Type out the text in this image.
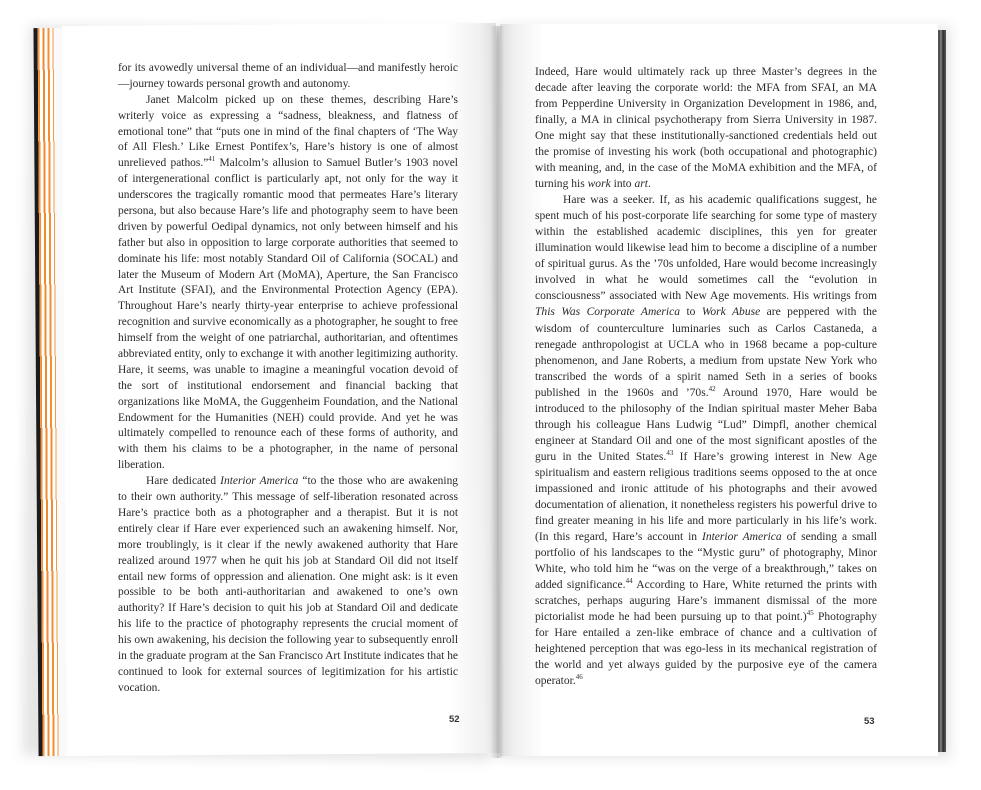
for its avowedly universal theme of an individual—and manifestly heroic—journey towards personal growth and autonomy.

Janet Malcolm picked up on these themes, describing Hare’s writerly voice as expressing a “sadness, bleakness, and flatness of emotional tone” that “puts one in mind of the final chapters of ‘The Way of All Flesh.’ Like Ernest Pontifex’s, Hare’s history is one of almost unrelieved pathos.”$^{41}$ Malcolm’s allusion to Samuel Butler’s 1903 novel of intergenerational conflict is particularly apt, not only for the way it underscores the tragically romantic mood that permeates Hare’s literary persona, but also because Hare’s life and photography seem to have been driven by powerful Oedipal dynamics, not only between himself and his father but also in opposition to large corporate authorities that seemed to dominate his life: most notably Standard Oil of California (SOCAL) and later the Museum of Modern Art (MoMA), Aperture, the San Francisco Art Institute (SFAI), and the Environmental Protection Agency (EPA). Throughout Hare’s nearly thirty-year enterprise to achieve professional recognition and survive economically as a photographer, he sought to free himself from the weight of one patriarchal, authoritarian, and oftentimes abbreviated entity, only to exchange it with another legitimizing authority. Hare, it seems, was unable to imagine a meaningful vocation devoid of the sort of institutional endorsement and financial backing that organizations like MoMA, the Guggenheim Foundation, and the National Endowment for the Humanities (NEH) could provide. And yet he was ultimately compelled to renounce each of these forms of authority, and with them his claims to be a photographer, in the name of personal liberation.

Hare dedicated Interior America “to the those who are awakening to their own authority.” This message of self-liberation resonated across Hare’s practice both as a photographer and a therapist. But it is not entirely clear if Hare ever experienced such an awakening himself. Nor, more troublingly, is it clear if the newly awakened authority that Hare realized around 1977 when he quit his job at Standard Oil did not itself entail new forms of oppression and alienation. One might ask: is it even possible to be both anti-authoritarian and awakened to one’s own authority? If Hare’s decision to quit his job at Standard Oil and dedicate his life to the practice of photography represents the crucial moment of his own awakening, his decision the following year to subsequently enroll in the graduate program at the San Francisco Art Institute indicates that he continued to look for external sources of legitimization for his artistic vocation.

Indeed, Hare would ultimately rack up three Master’s degrees in the decade after leaving the corporate world: the MFA from SFAI, an MA from Pepperdine University in Organization Development in 1986, and, finally, a MA in clinical psychotherapy from Sierra University in 1987. One might say that these institutionally-sanctioned credentials held out the promise of investing his work (both occupational and photographic) with meaning, and, in the case of the MoMA exhibition and the MFA, of turning his work into art.

Hare was a seeker. If, as his academic qualifications suggest, he spent much of his post-corporate life searching for some type of mastery within the established academic disciplines, this yen for greater illumination would likewise lead him to become a discipline of a number of spiritual gurus. As the ’70s unfolded, Hare would become increasingly involved in what he would sometimes call the “evolution in consciousness” associated with New Age movements. His writings from This Was Corporate America to Work Abuse are peppered with the wisdom of counterculture luminaries such as Carlos Castaneda, a renegade anthropologist at UCLA who in 1968 became a pop-culture phenomenon, and Jane Roberts, a medium from upstate New York who transcribed the words of a spirit named Seth in a series of books published in the 1960s and ’70s.$^{42}$ Around 1970, Hare would be introduced to the philosophy of the Indian spiritual master Meher Baba through his colleague Hans Ludwig “Lud” Dimpfl, another chemical engineer at Standard Oil and one of the most significant apostles of the guru in the United States.$^{43}$ If Hare’s growing interest in New Age spiritualism and eastern religious traditions seems opposed to the at once impassioned and ironic attitude of his photographs and their avowed documentation of alienation, it nonetheless registers his powerful drive to find greater meaning in his life and more particularly in his life’s work. (In this regard, Hare’s account in Interior America of sending a small portfolio of his landscapes to the “Mystic guru” of photography, Minor White, who told him he “was on the verge of a breakthrough,” takes on added significance.$^{44}$ According to Hare, White returned the prints with scratches, perhaps auguring Hare’s immanent dismissal of the more pictorialist mode he had been pursuing up to that point.)$^{45}$ Photography for Hare entailed a zen-like embrace of chance and a cultivation of heightened perception that was ego-less in its mechanical registration of the world and yet always guided by the purposive eye of the camera operator.$^{46}$

52	53
